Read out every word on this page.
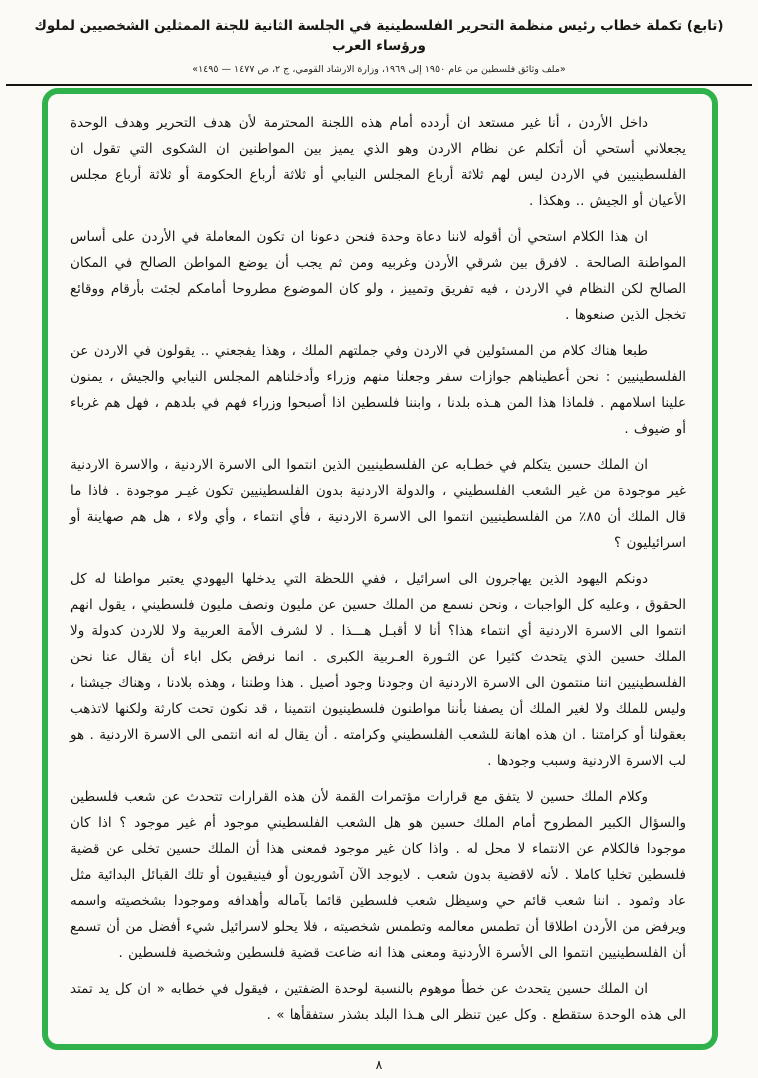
(تابع) تكملة خطاب رئيس منظمة التحرير الفلسطينية في الجلسة الثانية للجنة الممثلين الشخصيين لملوك ورؤساء العرب
«ملف وثائق فلسطين من عام ١٩٥٠ إلى ١٩٦٩، وزارة الارشاد القومي، ج ٢، ص ١٤٧٧ — ١٤٩٥»

داخل الأردن ، أنا غير مستعد ان أردده أمام هذه اللجنة المحترمة لأن هدف التحرير وهدف الوحدة يجعلاني أستحي أن أتكلم عن نظام الاردن وهو الذي يميز بين المواطنين ان الشكوى التي تقول ان الفلسطينيين في الاردن ليس لهم ثلاثة أرباع المجلس النيابي أو ثلاثة أرباع الحكومة أو ثلاثة أرباع مجلس الأعيان أو الجيش .. وهكذا .

ان هذا الكلام استحي أن أقوله لاننا دعاة وحدة فنحن دعونا ان تكون المعاملة في الأردن على أساس المواطنة الصالحة . لافرق بين شرقي الأردن وغربيه ومن ثم يجب أن يوضع المواطن الصالح في المكان الصالح لكن النظام في الاردن ، فيه تفريق وتمييز ، ولو كان الموضوع مطروحا أمامكم لجئت بأرقام ووقائع تخجل الذين صنعوها .

طبعا هناك كلام من المسئولين في الاردن وفي جملتهم الملك ، وهذا يفجعني .. يقولون في الاردن عن الفلسطينيين : نحن أعطيناهم جوازات سفر وجعلنا منهم وزراء وأدخلناهم المجلس النيابي والجيش ، يمنون علينا اسلامهم . فلماذا هذا المن هـذه بلدنا ، وابننا فلسطين اذا أصبحوا وزراء فهم في بلدهم ، فهل هم غرباء أو ضيوف .

ان الملك حسين يتكلم في خطـابه عن الفلسطينيين الذين انتموا الى الاسرة الاردنية ، والاسرة الاردنية غير موجودة من غير الشعب الفلسطيني ، والدولة الاردنية بدون الفلسطينيين تكون غيـر موجودة . فاذا ما قال الملك أن ٨٥٪ من الفلسطينيين انتموا الى الاسرة الاردنية ، فأي انتماء ، وأي ولاء ، هل هم صهاينة أو اسرائيليون ؟

دونكم اليهود الذين يهاجرون الى اسرائيل ، ففي اللحظة التي يدخلها اليهودي يعتبر مواطنا له كل الحقوق ، وعليه كل الواجبات ، ونحن نسمع من الملك حسين عن مليون ونصف مليون فلسطيني ، يقول انهم انتموا الى الاسرة الاردنية أي انتماء هذا؟ أنا لا أقبـل هـــذا . لا لشرف الأمة العربية ولا للاردن كدولة ولا الملك حسين الذي يتحدث كثيرا عن الثـورة العـربية الكبرى . انما نرفض بكل اباء أن يقال عنا نحن الفلسطينيين اننا منتمون الى الاسرة الاردنية ان وجودنا وجود أصيل . هذا وطننا ، وهذه بلادنا ، وهناك جيشنا ، وليس للملك ولا لغير الملك أن يصفنا بأننا مواطنون فلسطينيون انتمينا ، قد نكون تحت كارثة ولكنها لاتذهب بعقولنا أو كرامتنا . ان هذه اهانة للشعب الفلسطيني وكرامته . أن يقال له انه انتمى الى الاسرة الاردنية . هو لب الاسرة الاردنية وسبب وجودها .

وكلام الملك حسين لا يتفق مع قرارات مؤتمرات القمة لأن هذه القرارات تتحدث عن شعب فلسطين والسؤال الكبير المطروح أمام الملك حسين هو هل الشعب الفلسطيني موجود أم غير موجود ؟ اذا كان موجودا فالكلام عن الانتماء لا محل له . واذا كان غير موجود فمعنى هذا أن الملك حسين تخلى عن قضية فلسطين تخليا كاملا . لأنه لاقضية بدون شعب . لايوجد الآن آشوريون أو فينيقيون أو تلك القبائل البدائية مثل عاد وثمود . اننا شعب قائم حي وسيظل شعب فلسطين قائما بآماله وأهدافه وموجودا بشخصيته واسمه ويرفض من الأردن اطلاقا أن تطمس معالمه وتطمس شخصيته ، فلا يحلو لاسرائيل شيء أفضل من أن تسمع أن الفلسطينيين انتموا الى الأسرة الأردنية ومعنى هذا انه ضاعت قضية فلسطين وشخصية فلسطين .

ان الملك حسين يتحدث عن خطأ موهوم بالنسبة لوحدة الضفتين ، فيقول في خطابه « ان كل يد تمتد الى هذه الوحدة ستقطع . وكل عين تنظر الى هـذا البلد بشذر ستفقأها » .

٨
